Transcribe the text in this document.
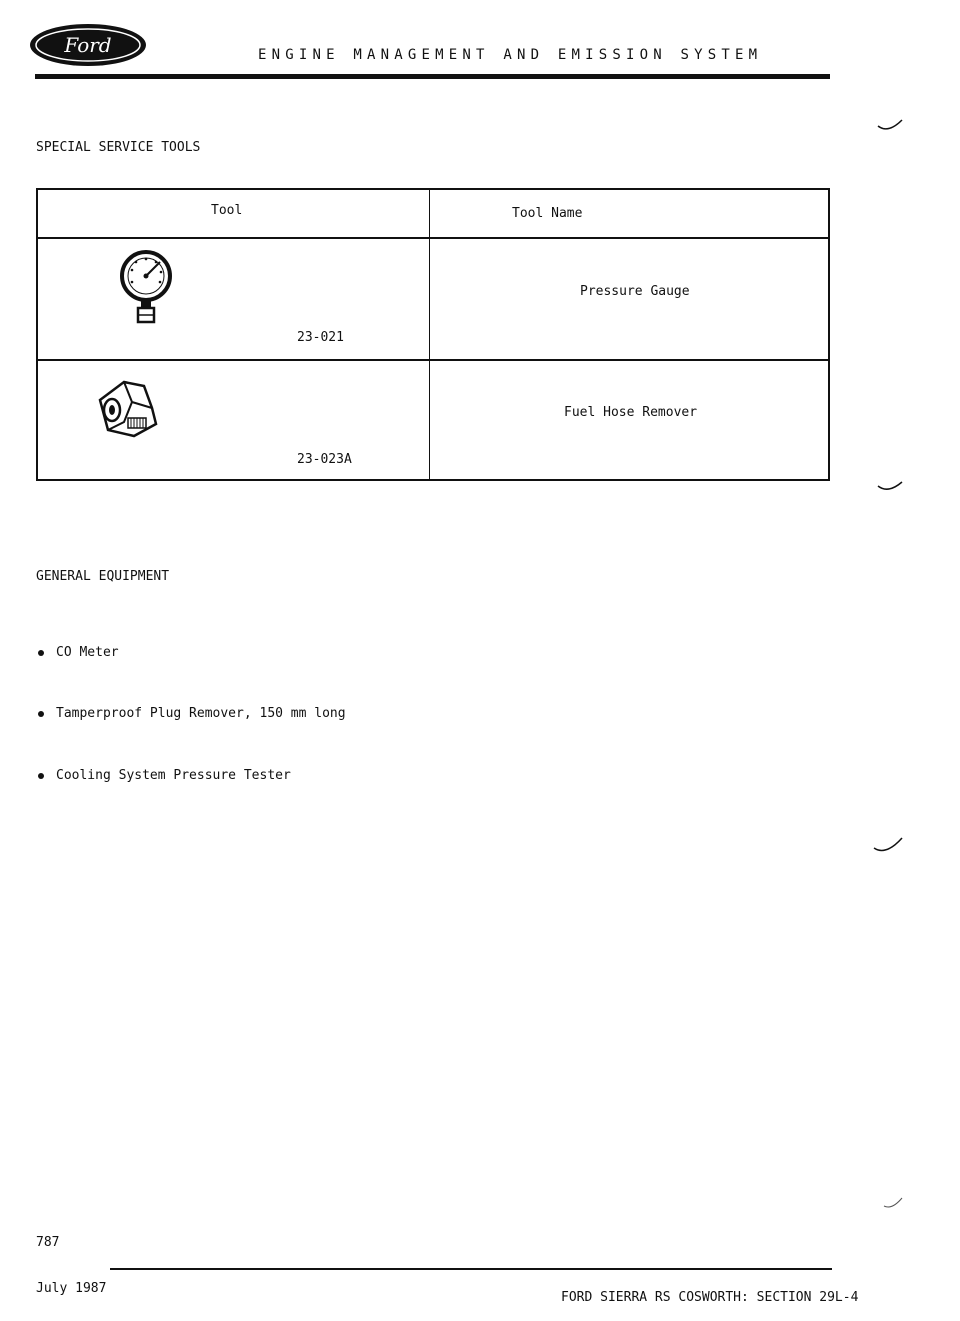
Ford	ENGINE MANAGEMENT AND EMISSION SYSTEM
SPECIAL SERVICE TOOLS
Tool	Tool Name
23-021
Pressure Gauge
23-023A
Fuel Hose Remover
GENERAL EQUIPMENT
CO Meter
Tamperproof Plug Remover, 150 mm long
Cooling System Pressure Tester
787
July 1987
FORD SIERRA RS COSWORTH: SECTION 29L-4
